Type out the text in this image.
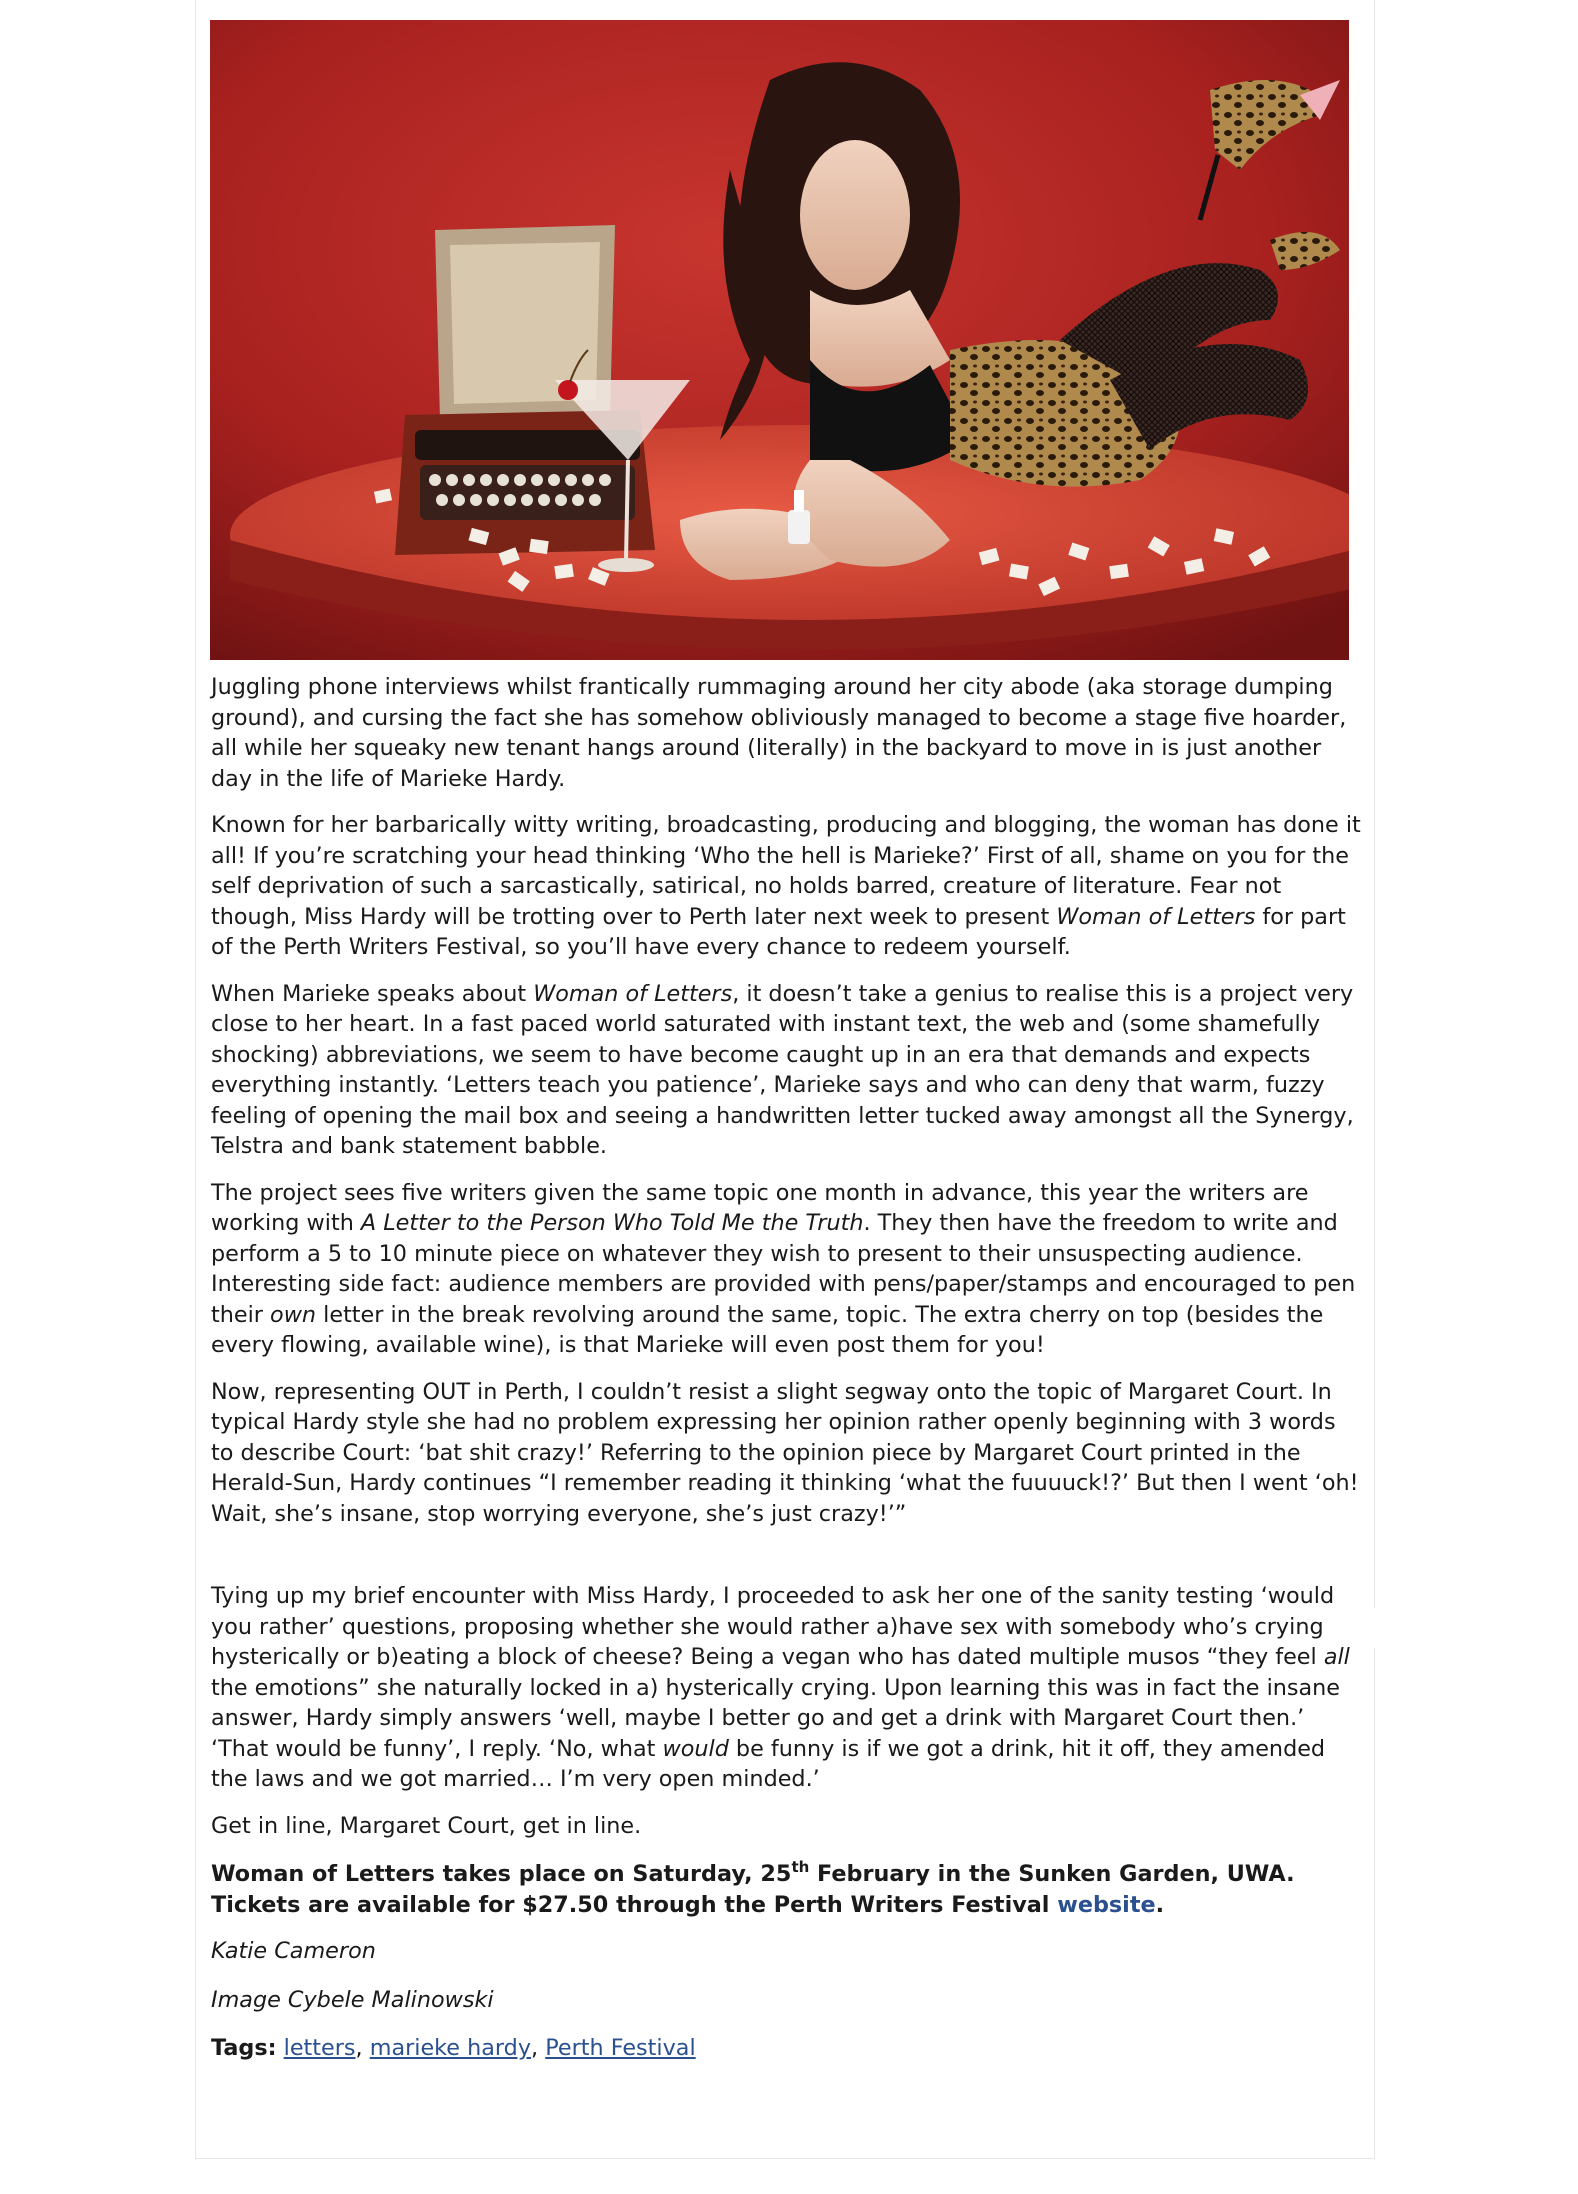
Juggling phone interviews whilst frantically rummaging around her city abode (aka storage dumping ground), and cursing the fact she has somehow obliviously managed to become a stage five hoarder, all while her squeaky new tenant hangs around (literally) in the backyard to move in is just another day in the life of Marieke Hardy.

Known for her barbarically witty writing, broadcasting, producing and blogging, the woman has done it all! If you’re scratching your head thinking ‘Who the hell is Marieke?’ First of all, shame on you for the self deprivation of such a sarcastically, satirical, no holds barred, creature of literature. Fear not though, Miss Hardy will be trotting over to Perth later next week to present Woman of Letters for part of the Perth Writers Festival, so you’ll have every chance to redeem yourself.

When Marieke speaks about Woman of Letters, it doesn’t take a genius to realise this is a project very close to her heart. In a fast paced world saturated with instant text, the web and (some shamefully shocking) abbreviations, we seem to have become caught up in an era that demands and expects everything instantly. ‘Letters teach you patience’, Marieke says and who can deny that warm, fuzzy feeling of opening the mail box and seeing a handwritten letter tucked away amongst all the Synergy, Telstra and bank statement babble.

The project sees five writers given the same topic one month in advance, this year the writers are working with A Letter to the Person Who Told Me the Truth. They then have the freedom to write and perform a 5 to 10 minute piece on whatever they wish to present to their unsuspecting audience. Interesting side fact: audience members are provided with pens/paper/stamps and encouraged to pen their own letter in the break revolving around the same, topic. The extra cherry on top (besides the every flowing, available wine), is that Marieke will even post them for you!

Now, representing OUT in Perth, I couldn’t resist a slight segway onto the topic of Margaret Court. In typical Hardy style she had no problem expressing her opinion rather openly beginning with 3 words to describe Court: ‘bat shit crazy!’ Referring to the opinion piece by Margaret Court printed in the Herald-Sun, Hardy continues “I remember reading it thinking ‘what the fuuuuck!?’ But then I went ‘oh! Wait, she’s insane, stop worrying everyone, she’s just crazy!’”

Tying up my brief encounter with Miss Hardy, I proceeded to ask her one of the sanity testing ‘would you rather’ questions, proposing whether she would rather a)have sex with somebody who’s crying hysterically or b)eating a block of cheese? Being a vegan who has dated multiple musos “they feel all the emotions” she naturally locked in a) hysterically crying. Upon learning this was in fact the insane answer, Hardy simply answers ‘well, maybe I better go and get a drink with Margaret Court then.’ ‘That would be funny’, I reply. ‘No, what would be funny is if we got a drink, hit it off, they amended the laws and we got married… I’m very open minded.’

Get in line, Margaret Court, get in line.

Woman of Letters takes place on Saturday, 25th February in the Sunken Garden, UWA. Tickets are available for $27.50 through the Perth Writers Festival website.

Katie Cameron

Image Cybele Malinowski

Tags: letters, marieke hardy, Perth Festival
